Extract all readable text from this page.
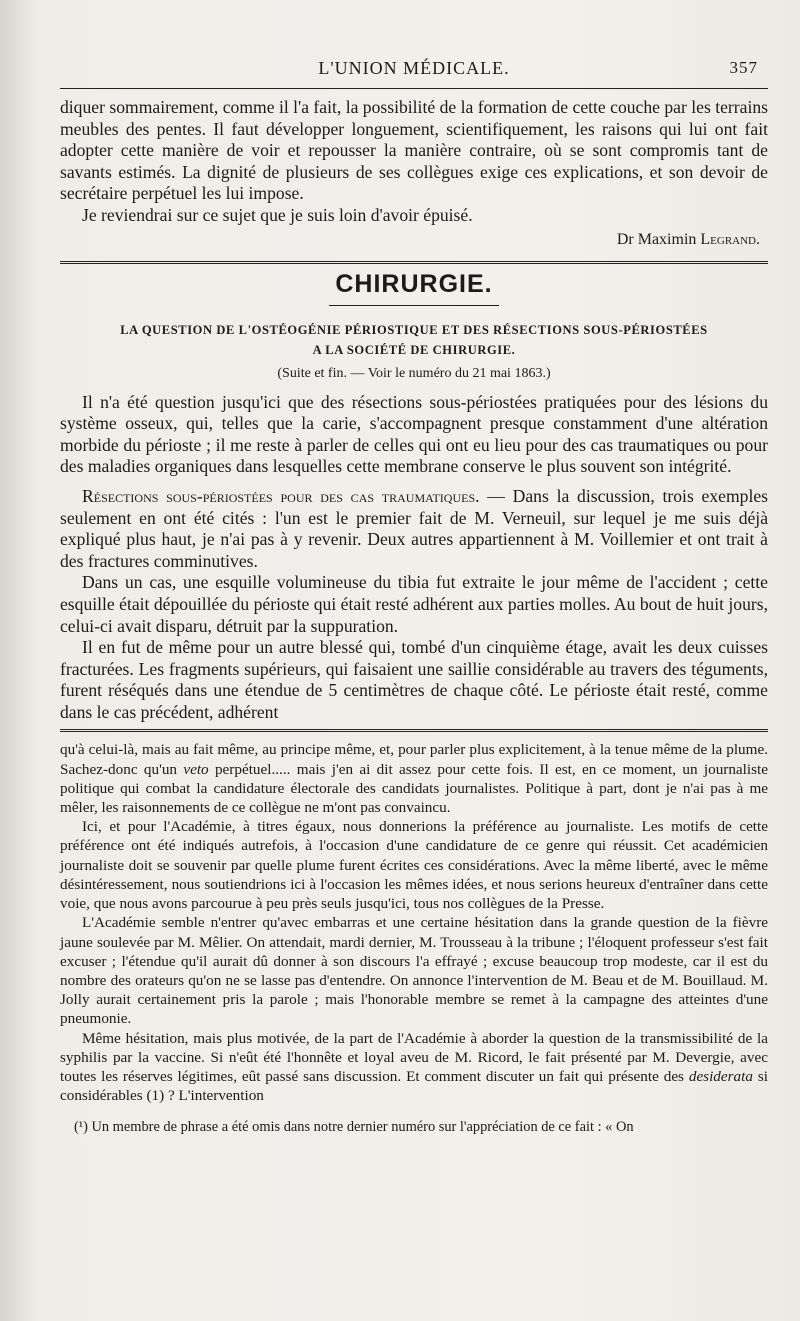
L'UNION MÉDICALE.	357

diquer sommairement, comme il l'a fait, la possibilité de la formation de cette couche par les terrains meubles des pentes. Il faut développer longuement, scientifiquement, les raisons qui lui ont fait adopter cette manière de voir et repousser la manière contraire, où se sont compromis tant de savants estimés. La dignité de plusieurs de ses collègues exige ces explications, et son devoir de secrétaire perpétuel les lui impose.

Je reviendrai sur ce sujet que je suis loin d'avoir épuisé.

Dr Maximin Legrand.
CHIRURGIE.
LA QUESTION DE L'OSTÉOGÉNIE PÉRIOSTIQUE ET DES RÉSECTIONS SOUS-PÉRIOSTÉES
A LA SOCIÉTÉ DE CHIRURGIE.
(Suite et fin. — Voir le numéro du 21 mai 1863.)

Il n'a été question jusqu'ici que des résections sous-périostées pratiquées pour des lésions du système osseux, qui, telles que la carie, s'accompagnent presque constamment d'une altération morbide du périoste ; il me reste à parler de celles qui ont eu lieu pour des cas traumatiques ou pour des maladies organiques dans lesquelles cette membrane conserve le plus souvent son intégrité.

Résections sous-périostées pour des cas traumatiques. — Dans la discussion, trois exemples seulement en ont été cités : l'un est le premier fait de M. Verneuil, sur lequel je me suis déjà expliqué plus haut, je n'ai pas à y revenir. Deux autres appartiennent à M. Voillemier et ont trait à des fractures comminutives.

Dans un cas, une esquille volumineuse du tibia fut extraite le jour même de l'accident ; cette esquille était dépouillée du périoste qui était resté adhérent aux parties molles. Au bout de huit jours, celui-ci avait disparu, détruit par la suppuration.

Il en fut de même pour un autre blessé qui, tombé d'un cinquième étage, avait les deux cuisses fracturées. Les fragments supérieurs, qui faisaient une saillie considérable au travers des téguments, furent réséqués dans une étendue de 5 centimètres de chaque côté. Le périoste était resté, comme dans le cas précédent, adhérent

qu'à celui-là, mais au fait même, au principe même, et, pour parler plus explicitement, à la tenue même de la plume. Sachez-donc qu'un veto perpétuel..... mais j'en ai dit assez pour cette fois. Il est, en ce moment, un journaliste politique qui combat la candidature électorale des candidats journalistes. Politique à part, dont je n'ai pas à me mêler, les raisonnements de ce collègue ne m'ont pas convaincu.

Ici, et pour l'Académie, à titres égaux, nous donnerions la préférence au journaliste. Les motifs de cette préférence ont été indiqués autrefois, à l'occasion d'une candidature de ce genre qui réussit. Cet académicien journaliste doit se souvenir par quelle plume furent écrites ces considérations. Avec la même liberté, avec le même désintéressement, nous soutiendrions ici à l'occasion les mêmes idées, et nous serions heureux d'entraîner dans cette voie, que nous avons parcourue à peu près seuls jusqu'ici, tous nos collègues de la Presse.

L'Académie semble n'entrer qu'avec embarras et une certaine hésitation dans la grande question de la fièvre jaune soulevée par M. Mêlier. On attendait, mardi dernier, M. Trousseau à la tribune ; l'éloquent professeur s'est fait excuser ; l'étendue qu'il aurait dû donner à son discours l'a effrayé ; excuse beaucoup trop modeste, car il est du nombre des orateurs qu'on ne se lasse pas d'entendre. On annonce l'intervention de M. Beau et de M. Bouillaud. M. Jolly aurait certainement pris la parole ; mais l'honorable membre se remet à la campagne des atteintes d'une pneumonie.

Même hésitation, mais plus motivée, de la part de l'Académie à aborder la question de la transmissibilité de la syphilis par la vaccine. Si n'eût été l'honnête et loyal aveu de M. Ricord, le fait présenté par M. Devergie, avec toutes les réserves légitimes, eût passé sans discussion. Et comment discuter un fait qui présente des desiderata si considérables (1) ? L'intervention

(¹) Un membre de phrase a été omis dans notre dernier numéro sur l'appréciation de ce fait : « On
